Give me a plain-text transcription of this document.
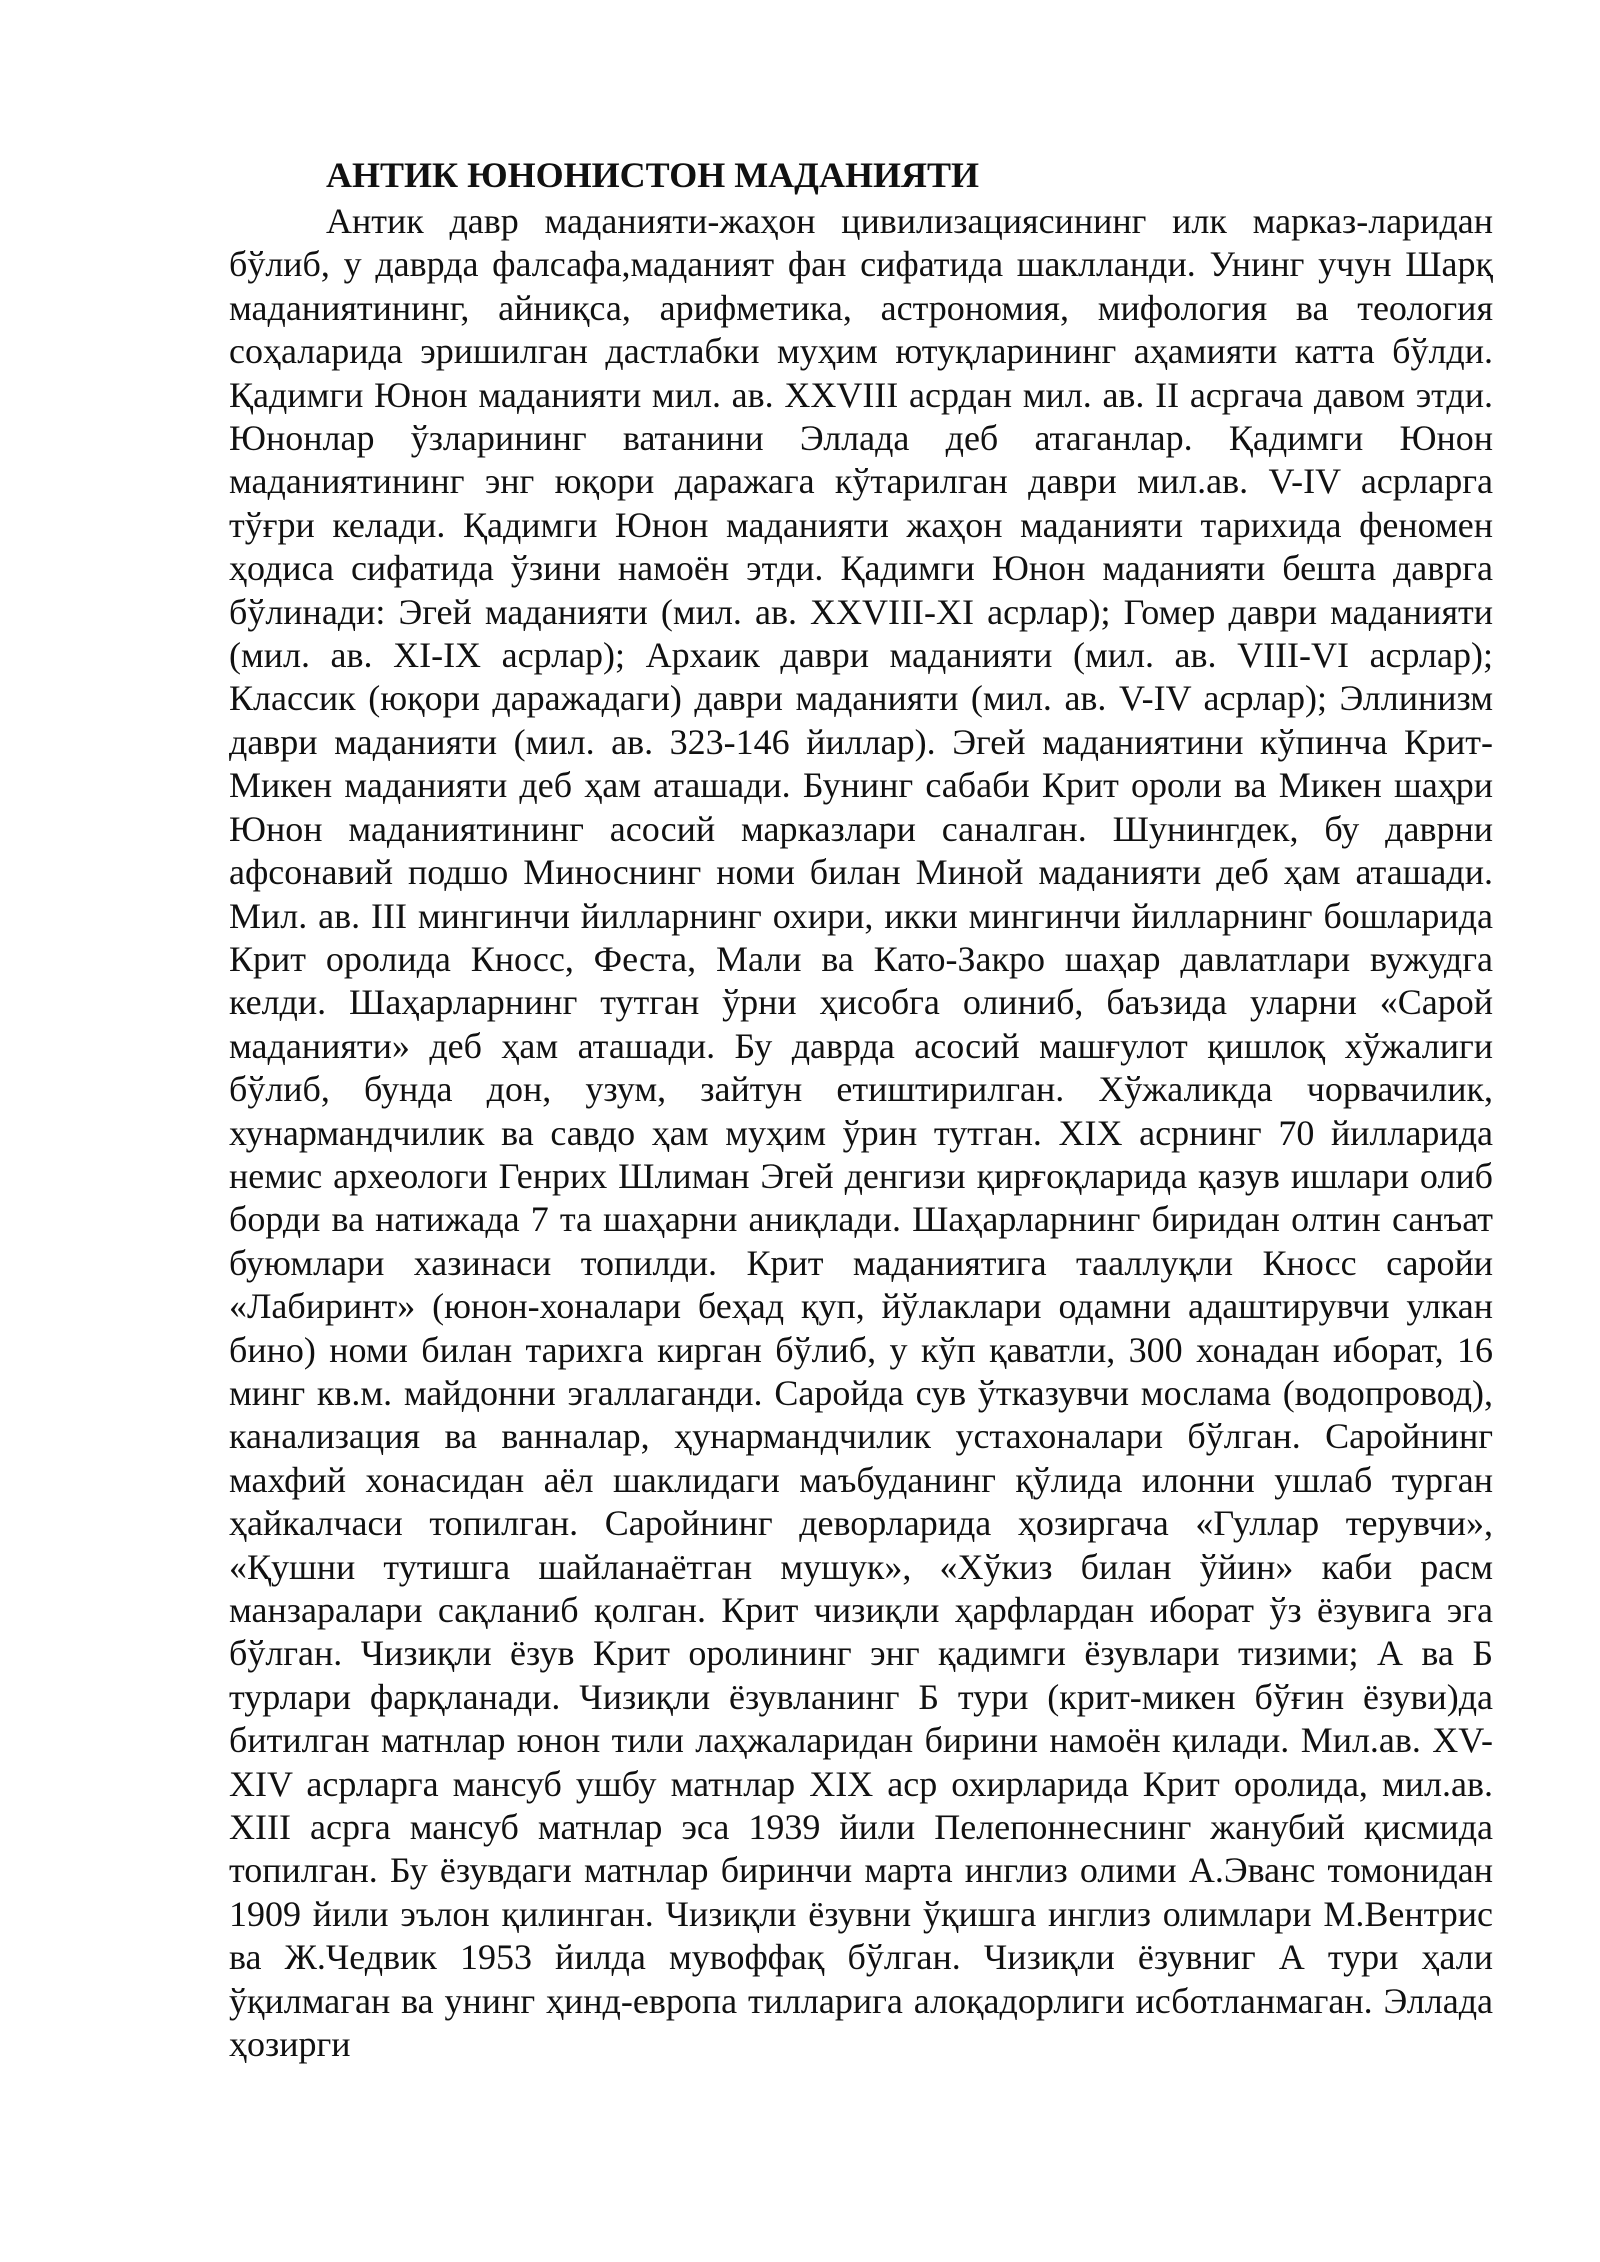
АНТИК ЮНОНИСТОН МАДАНИЯТИ

Антик давр маданияти-жаҳон цивилизациясининг илк марказ-ларидан бўлиб, у даврда фалсафа,маданият фан сифатида шаклланди. Унинг учун Шарқ маданиятининг, айниқса, арифметика, астрономия, мифология ва теология соҳаларида эришилган дастлабки муҳим ютуқларининг аҳамияти катта бўлди. Қадимги Юнон маданияти мил. ав. XXVIII асрдан мил. ав. II асргача давом этди. Юнонлар ўзларининг ватанини Эллада деб атаганлар. Қадимги Юнон маданиятининг энг юқори даражага кўтарилган даври мил.ав. V-IV асрларга тўғри келади. Қадимги Юнон маданияти жаҳон маданияти тарихида феномен ҳодиса сифатида ўзини намоён этди. Қадимги Юнон маданияти бешта даврга бўлинади: Эгей маданияти (мил. ав. XXVIII-XI асрлар); Гомер даври маданияти (мил. ав. XI-IX асрлар); Архаик даври маданияти (мил. ав. VIII-VI асрлар); Классик (юқори даражадаги) даври маданияти (мил. ав. V-IV асрлар); Эллинизм даври маданияти (мил. ав. 323-146 йиллар). Эгей маданиятини кўпинча Крит-Микен маданияти деб ҳам аташади. Бунинг сабаби Крит ороли ва Микен шаҳри Юнон маданиятининг асосий марказлари саналган. Шунингдек, бу даврни афсонавий подшо Миноснинг номи билан Миной маданияти деб ҳам аташади. Мил. ав. III мингинчи йилларнинг охири, икки мингинчи йилларнинг бошларида Крит оролида Кносс, Феста, Мали ва Като-Закро шаҳар давлатлари вужудга келди. Шаҳарларнинг тутган ўрни ҳисобга олиниб, баъзида уларни «Сарой маданияти» деб ҳам аташади. Бу даврда асосий машғулот қишлоқ хўжалиги бўлиб, бунда дон, узум, зайтун етиштирилган. Хўжаликда чорвачилик, хунармандчилик ва савдо ҳам муҳим ўрин тутган. XIX асрнинг 70 йилларида немис археологи Генрих Шлиман Эгей денгизи қирғоқларида қазув ишлари олиб борди ва натижада 7 та шаҳарни аниқлади. Шаҳарларнинг биридан олтин санъат буюмлари хазинаси топилди. Крит маданиятига тааллуқли Кносс саройи «Лабиринт» (юнон-хоналари беҳад қуп, йўлаклари одамни адаштирувчи улкан бино) номи билан тарихга кирган бўлиб, у кўп қаватли, 300 хонадан иборат, 16 минг кв.м. майдонни эгаллаганди. Саройда сув ўтказувчи мослама (водопровод), канализация ва ванналар, ҳунармандчилик устахоналари бўлган. Саройнинг махфий хонасидан аёл шаклидаги маъбуданинг қўлида илонни ушлаб турган ҳайкалчаси топилган. Саройнинг деворларида ҳозиргача «Гуллар терувчи», «Қушни тутишга шайланаётган мушук», «Хўкиз билан ўйин» каби расм манзаралари сақланиб қолган. Крит чизиқли ҳарфлардан иборат ўз ёзувига эга бўлган. Чизиқли ёзув Крит оролининг энг қадимги ёзувлари тизими; А ва Б турлари фарқланади. Чизиқли ёзувланинг Б тури (крит-микен бўғин ёзуви)да битилган матнлар юнон тили лаҳжаларидан бирини намоён қилади. Мил.ав. XV-XIV асрларга мансуб ушбу матнлар XIX аср охирларида Крит оролида, мил.ав. XIII асрга мансуб матнлар эса 1939 йили Пелепоннеснинг жанубий қисмида топилган. Бу ёзувдаги матнлар биринчи марта инглиз олими А.Эванс томонидан 1909 йили эълон қилинган. Чизиқли ёзувни ўқишга инглиз олимлари М.Вентрис ва Ж.Чедвик 1953 йилда мувоффақ бўлган. Чизиқли ёзувниг А тури ҳали ўқилмаган ва унинг ҳинд-европа тилларига алоқадорлиги исботланмаган. Эллада ҳозирги
